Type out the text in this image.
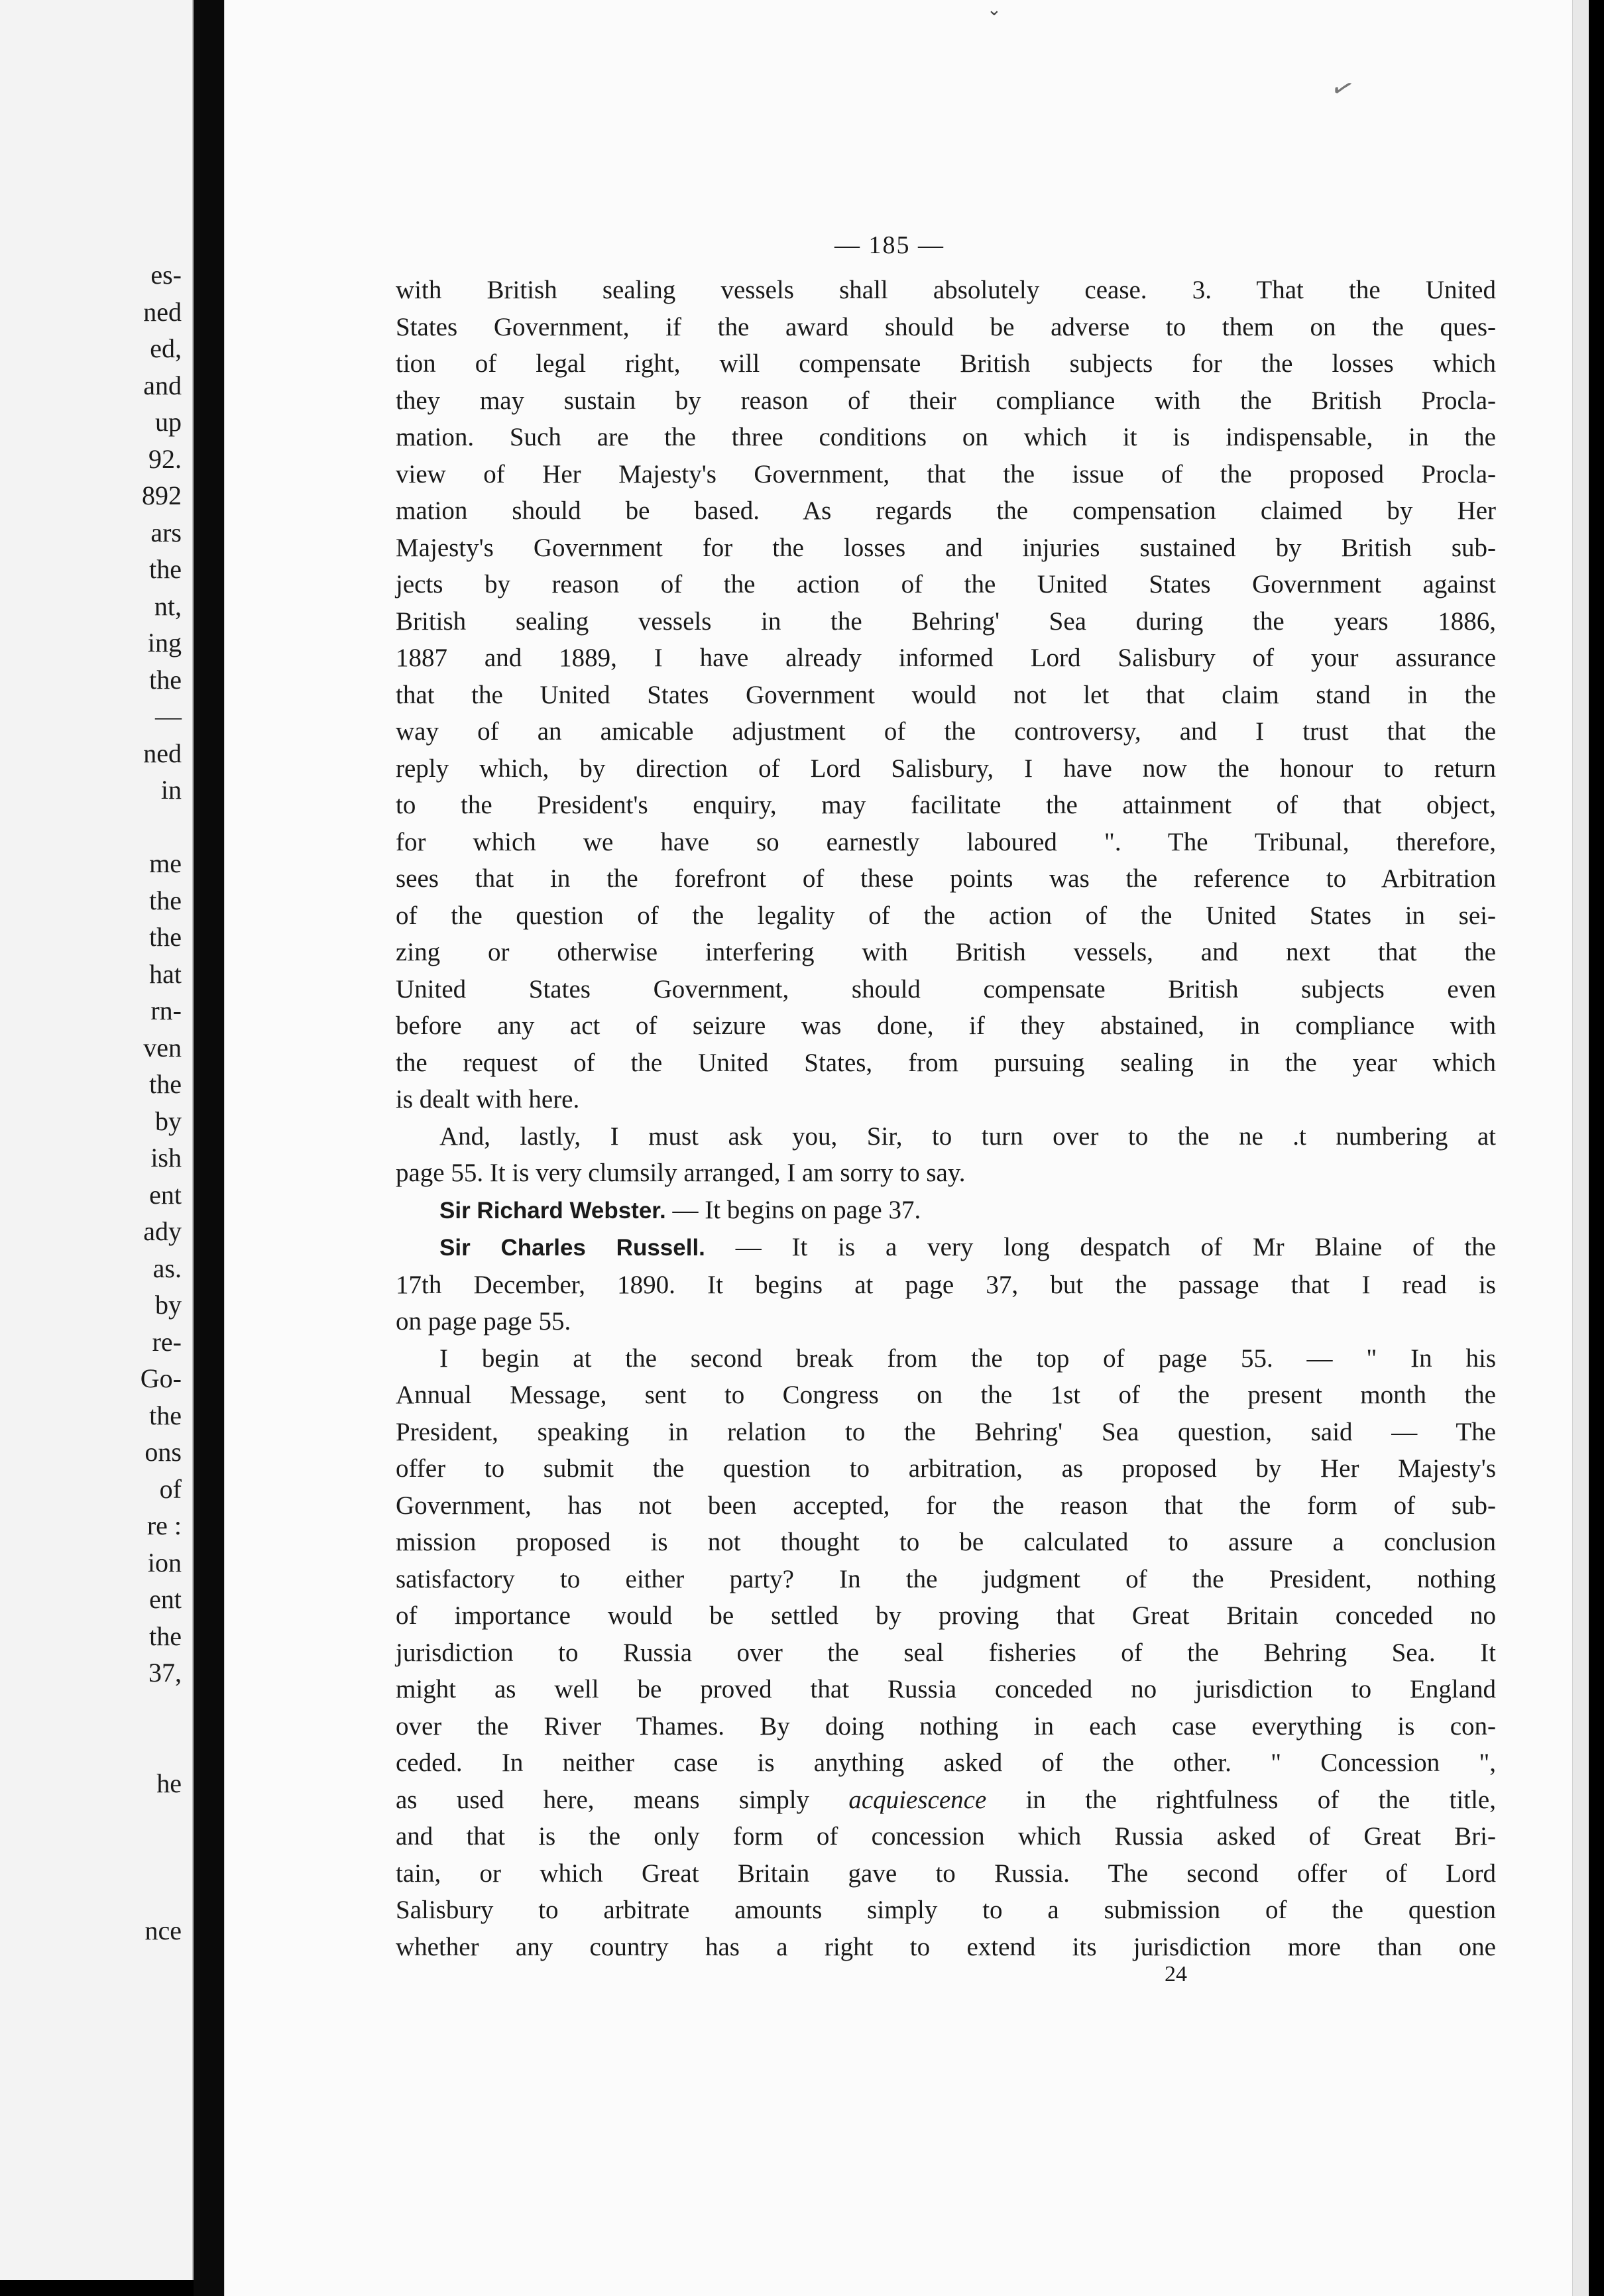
es-
ned
ed,
and
up
92.
892
ars
the
nt,
ing
the
—
ned
in
me
the
the
hat
rn-
ven
the
by
ish
ent
ady
as.
by
re-
Go-
the
ons
of
re :
ion
ent
the
37,
he
nce
⌄
✓
— 185 —
with British sealing vessels shall absolutely cease. 3. That the United
States Government, if the award should be adverse to them on the ques-
tion of legal right, will compensate British subjects for the losses which
they may sustain by reason of their compliance with the British Procla-
mation. Such are the three conditions on which it is indispensable, in the
view of Her Majesty's Government, that the issue of the proposed Procla-
mation should be based. As regards the compensation claimed by Her
Majesty's Government for the losses and injuries sustained by British sub-
jects by reason of the action of the United States Government against
British sealing vessels in the Behring' Sea during the years 1886,
1887 and 1889, I have already informed Lord Salisbury of your assurance
that the United States Government would not let that claim stand in the
way of an amicable adjustment of the controversy, and I trust that the
reply which, by direction of Lord Salisbury, I have now the honour to return
to the President's enquiry, may facilitate the attainment of that object,
for which we have so earnestly laboured ". The Tribunal, therefore,
sees that in the forefront of these points was the reference to Arbitration
of the question of the legality of the action of the United States in sei-
zing or otherwise interfering with British vessels, and next that the
United States Government, should compensate British subjects even
before any act of seizure was done, if they abstained, in compliance with
the request of the United States, from pursuing sealing in the year which
is dealt with here.
And, lastly, I must ask you, Sir, to turn over to the ne .t numbering at
page 55. It is very clumsily arranged, I am sorry to say.
Sir Richard Webster. — It begins on page 37.
Sir Charles Russell. — It is a very long despatch of Mr Blaine of the
17th December, 1890. It begins at page 37, but the passage that I read is
on page page 55.
I begin at the second break from the top of page 55. — " In his
Annual Message, sent to Congress on the 1st of the present month the
President, speaking in relation to the Behring' Sea question, said — The
offer to submit the question to arbitration, as proposed by Her Majesty's
Government, has not been accepted, for the reason that the form of sub-
mission proposed is not thought to be calculated to assure a conclusion
satisfactory to either party? In the judgment of the President, nothing
of importance would be settled by proving that Great Britain conceded no
jurisdiction to Russia over the seal fisheries of the Behring Sea. It
might as well be proved that Russia conceded no jurisdiction to England
over the River Thames. By doing nothing in each case everything is con-
ceded. In neither case is anything asked of the other. " Concession ",
as used here, means simply acquiescence in the rightfulness of the title,
and that is the only form of concession which Russia asked of Great Bri-
tain, or which Great Britain gave to Russia. The second offer of Lord
Salisbury to arbitrate amounts simply to a submission of the question
whether any country has a right to extend its jurisdiction more than one
24
